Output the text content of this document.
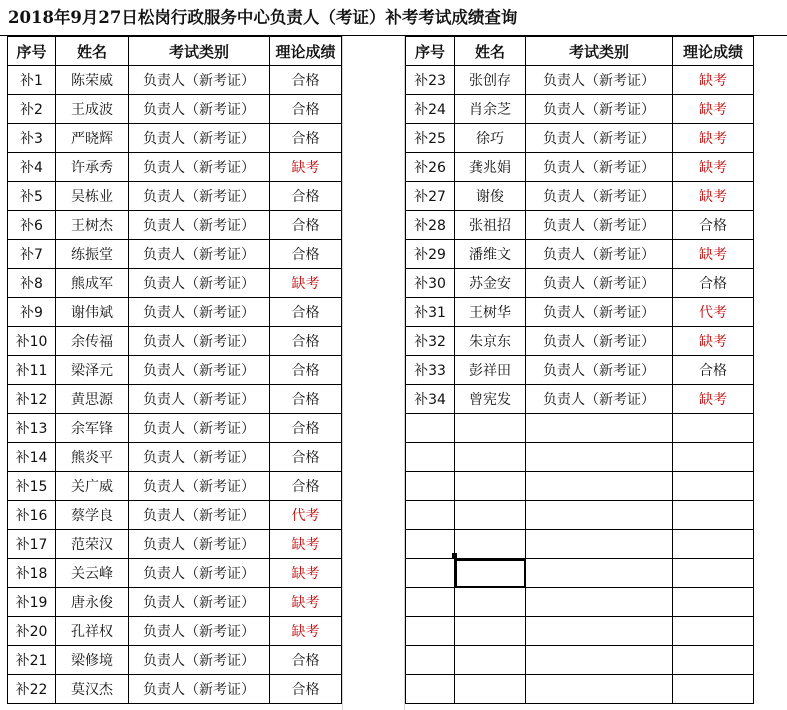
2018年9月27日松岗行政服务中心负责人（考证）补考考试成绩查询
序号	姓名	考试类别	理论成绩
补1	陈荣威	负责人（新考证）	合格
补2	王成波	负责人（新考证）	合格
补3	严晓辉	负责人（新考证）	合格
补4	许承秀	负责人（新考证）	缺考
补5	吴栋业	负责人（新考证）	合格
补6	王树杰	负责人（新考证）	合格
补7	练振堂	负责人（新考证）	合格
补8	熊成军	负责人（新考证）	缺考
补9	谢伟斌	负责人（新考证）	合格
补10	余传福	负责人（新考证）	合格
补11	梁泽元	负责人（新考证）	合格
补12	黄思源	负责人（新考证）	合格
补13	余军锋	负责人（新考证）	合格
补14	熊炎平	负责人（新考证）	合格
补15	关广威	负责人（新考证）	合格
补16	蔡学良	负责人（新考证）	代考
补17	范荣汉	负责人（新考证）	缺考
补18	关云峰	负责人（新考证）	缺考
补19	唐永俊	负责人（新考证）	缺考
补20	孔祥权	负责人（新考证）	缺考
补21	梁修境	负责人（新考证）	合格
补22	莫汉杰	负责人（新考证）	合格
序号	姓名	考试类别	理论成绩
补23	张创存	负责人（新考证）	缺考
补24	肖余芝	负责人（新考证）	缺考
补25	徐巧	负责人（新考证）	缺考
补26	龚兆娟	负责人（新考证）	缺考
补27	谢俊	负责人（新考证）	缺考
补28	张祖招	负责人（新考证）	合格
补29	潘维文	负责人（新考证）	缺考
补30	苏金安	负责人（新考证）	合格
补31	王树华	负责人（新考证）	代考
补32	朱京东	负责人（新考证）	缺考
补33	彭祥田	负责人（新考证）	合格
补34	曾宪发	负责人（新考证）	缺考
